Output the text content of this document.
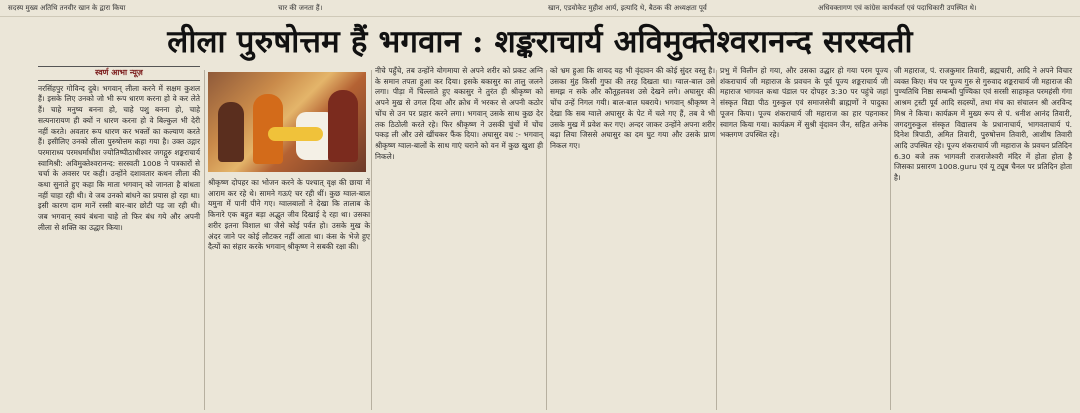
सदस्य मुख्य अतिथि तनवीर खान के द्वारा किया	चार की जनता हैं।	खान, एडवोकेट मुहीश आर्य, इत्यादि थे, बैठक की अध्यक्षता पूर्व	अधिवक्तागण एवं कांग्रेस कार्यकर्ता एवं पदाधिकारी उपस्थित थे।
लीला पुरुषोत्तम हैं भगवान : शङ्कराचार्य अविमुक्तेश्वरानन्द सरस्वती
स्वर्ण आभा न्यूज़
नरसिंहपुर गोविन्द दुबे। भगवान् लीला करने में सक्षम कुशल हैं। इसके लिए उनको जो भी रूप धारण करना हो वे कर लेते हैं। चाहे मनुष्य बनना हो, चाहे पशु बनना हो, चाहे सत्यनारायण ही क्यों न धारण करना हो वे बिल्कुल भी देरी नहीं करते। अवतार रूप धारण कर भक्तों का कल्याण करते हैं। इसीलिए उनको लीला पुरुषोत्तम कहा गया है। उक्त उद्गार परमाराध्य परमधर्माधीश ज्योतिष्पीठाधीश्वर जगद्गुरु शङ्कराचार्य स्वामिश्री: अविमुक्तेश्वरानन्द: सरस्वती 1008 ने पत्रकारों से चर्चा के अवसर पर कही। उन्होंने दशावतार कथन लीला की कथा सुनाते हुए कहा कि माता भगवान् को जानता है बांधता नहीं चाहा रही थी। वे जब उनको बांधने का प्रयास हो रहा था। इसी कारण दाम मानें रस्सी बार-बार छोटी पड़ जा रही थी। जब भगवान् स्वयं बंधना चाहे तो फिर बंध गये और अपनी लीला से शक्ति का उद्धार किया।
श्रीकृष्ण दोपहर का भोजन करने के पश्चात् वृक्ष की छाया में आराम कर रहे थे। सामने गऊएं चर रही थीं। कुछ ग्वाल-बाल यमुना में पानी पीने गए। ग्वालबालों ने देखा कि तालाब के किनारे एक बहुत बड़ा अद्भुत जीव दिखाई दे रहा था। उसका शरीर इतना विशाल था जैसे कोई पर्वत हो। उसके मुख के अंदर जाने पर कोई लौटकर नहीं आता था। कंस के भेजे हुए दैत्यों का संहार करके भगवान् श्रीकृष्ण ने सबकी रक्षा की।
नीचे पहुँचे, तब उन्होंने योगमाया से अपने शरीर को प्रकट अग्नि के समान तपता हुआ कर दिया। इसके बकासुर का तालु जलने लगा। पीड़ा में चिल्लाते हुए बकासुर ने तुरंत ही श्रीकृष्ण को अपने मुख से उगल दिया और क्रोध में भरकर से अपनी कठोर चोंच से उन पर प्रहार करने लगा। भगवान् उसके साथ कुछ देर तक ठिठोली करते रहे। फिर श्रीकृष्ण ने उसकी चुंचों में चोंच पकड़ ली और उसे खींचकर फैंक दिया। अघासुर वध :- भगवान् श्रीकृष्ण ग्वाल-बालों के साथ गाएं चराने को वन में कुछ खुशा ही निकले।
को भ्रम हुआ कि शायद यह भी वृंदावन की कोई सुंदर वस्तु है। उसका मुंह किसी गुफा की तरह दिखता था। ग्वाल-बाल उसे समझ न सके और कौतूहलवश उसे देखने लगे। अघासुर की चोंच उन्हें निगल गयी। बाल-बाल घबराये। भगवान् श्रीकृष्ण ने देखा कि सब ग्वाले अघासुर के पेट में चले गए हैं, तब वे भी उसके मुख में प्रवेश कर गए। अन्दर जाकर उन्होंने अपना शरीर बढ़ा लिया जिससे अघासुर का दम घुट गया और उसके प्राण निकल गए।
प्रभु में विलीन हो गया, और उसका उद्धार हो गया परम पूज्य शंकराचार्य जी महाराज के प्रवचन के पूर्व पूज्य शङ्कराचार्य जी महाराज भागवत कथा पंडाल पर दोपहर 3:30 पर पहुंचे जहां संस्कृत विद्या पीठ गुरुकुल एवं समाजसेवी ब्राह्मणों ने पादुका पूजन किया। पूज्य शंकराचार्य जी महाराज का हार पहनाकर स्वागत किया गया। कार्यक्रम में सुश्री वृंदावन जैन, सहित अनेक भक्तगण उपस्थित रहे।
जी महाराज, पं. राजकुमार तिवारी, ब्रह्मचारी, आदि ने अपने विचार व्यक्त किए। मंच पर पूज्य गुरु से गुरुवाद शङ्कराचार्य जी महाराज की पुण्यतिथि निष्ठा सम्बन्धी पुण्यिका एवं सरसी साहाकृत परमहंसी गंगा आश्रम ट्रस्टी पूर्व आदि सदस्यों, तथा मंच का संचालन श्री अरविन्द मिश्र ने किया। कार्यक्रम में मुख्य रूप से पं. धनीश आनंद तिवारी, जगदगुरुकुल संस्कृत विद्यालय के प्रधानाचार्य, भागवताचार्य पं. दिनेश त्रिपाठी, अमित तिवारी, पुरुषोत्तम तिवारी, आशीष तिवारी आदि उपस्थित रहे। पूज्य शंकराचार्य जी महाराज के प्रवचन प्रतिदिन 6.30 बजे तक भागवती राजराजेश्वरी मंदिर में होता होता है जिसका प्रसारण 1008.guru एवं यू ट्यूब चैनल पर प्रतिदिन होता है।
